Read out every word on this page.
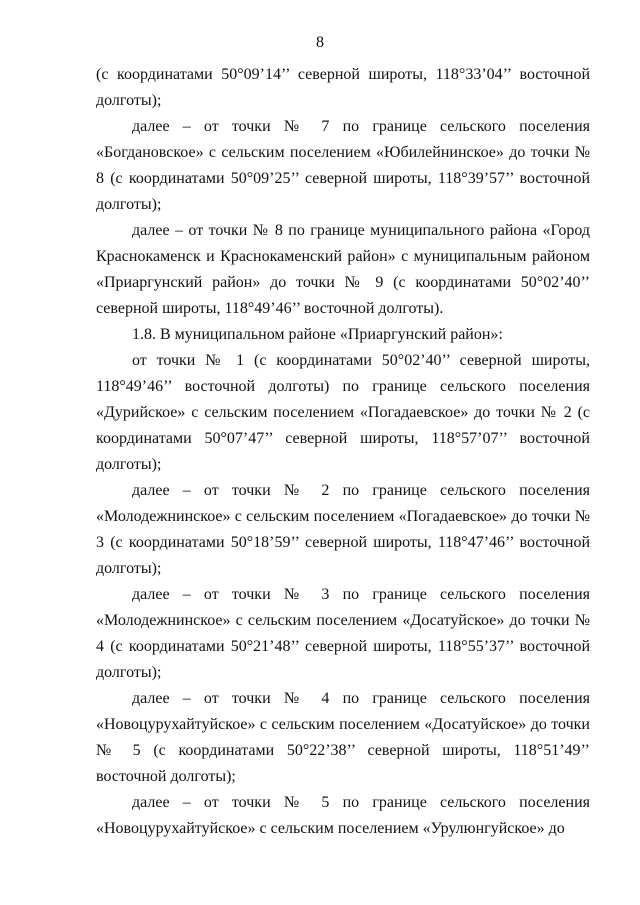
8

(с координатами 50°09’14’’ северной широты, 118°33’04’’ восточной долготы);

далее – от точки № 7 по границе сельского поселения «Богдановское» с сельским поселением «Юбилейнинское» до точки № 8 (с координатами 50°09’25’’ северной широты, 118°39’57’’ восточной долготы);

далее – от точки № 8 по границе муниципального района «Город Краснокаменск и Краснокаменский район» с муниципальным районом «Приаргунский район» до точки № 9 (с координатами 50°02’40’’ северной широты, 118°49’46’’ восточной долготы).

1.8. В муниципальном районе «Приаргунский район»:

от точки № 1 (с координатами 50°02’40’’ северной широты, 118°49’46’’ восточной долготы) по границе сельского поселения «Дурийское» с сельским поселением «Погадаевское» до точки № 2 (с координатами 50°07’47’’ северной широты, 118°57’07’’ восточной долготы);

далее – от точки № 2 по границе сельского поселения «Молодежнинское» с сельским поселением «Погадаевское» до точки № 3 (с координатами 50°18’59’’ северной широты, 118°47’46’’ восточной долготы);

далее – от точки № 3 по границе сельского поселения «Молодежнинское» с сельским поселением «Досатуйское» до точки № 4 (с координатами 50°21’48’’ северной широты, 118°55’37’’ восточной долготы);

далее – от точки № 4 по границе сельского поселения «Новоцурухайтуйское» с сельским поселением «Досатуйское» до точки № 5 (с координатами 50°22’38’’ северной широты, 118°51’49’’ восточной долготы);

далее – от точки № 5 по границе сельского поселения «Новоцурухайтуйское» с сельским поселением «Урулюнгуйское» до
